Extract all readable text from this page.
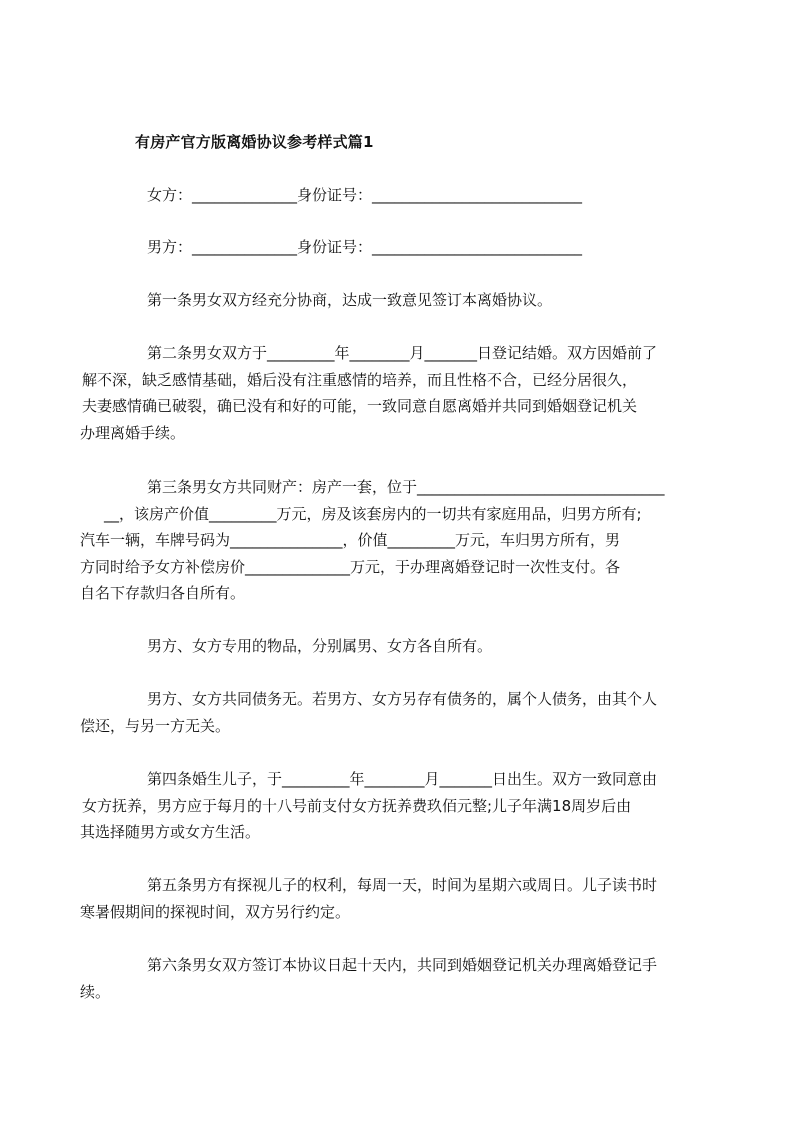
有房产官方版离婚协议参考样式篇1
女方：______________身份证号：____________________________
男方：______________身份证号：____________________________
第一条男女双方经充分协商，达成一致意见签订本离婚协议。
第二条男女双方于_________年________月_______日登记结婚。双方因婚前了
解不深，缺乏感情基础，婚后没有注重感情的培养，而且性格不合，已经分居很久，
夫妻感情确已破裂，确已没有和好的可能，一致同意自愿离婚并共同到婚姻登记机关
办理离婚手续。
第三条男女方共同财产：房产一套，位于_________________________________
__，该房产价值_________万元，房及该套房内的一切共有家庭用品，归男方所有;
汽车一辆，车牌号码为_______________，价值_________万元，车归男方所有，男
方同时给予女方补偿房价______________万元，于办理离婚登记时一次性支付。各
自名下存款归各自所有。
男方、女方专用的物品，分别属男、女方各自所有。
男方、女方共同债务无。若男方、女方另存有债务的，属个人债务，由其个人
偿还，与另一方无关。
第四条婚生儿子，于_________年________月_______日出生。双方一致同意由
女方抚养，男方应于每月的十八号前支付女方抚养费玖佰元整;儿子年满18周岁后由
其选择随男方或女方生活。
第五条男方有探视儿子的权利，每周一天，时间为星期六或周日。儿子读书时
寒暑假期间的探视时间，双方另行约定。
第六条男女双方签订本协议日起十天内，共同到婚姻登记机关办理离婚登记手
续。
